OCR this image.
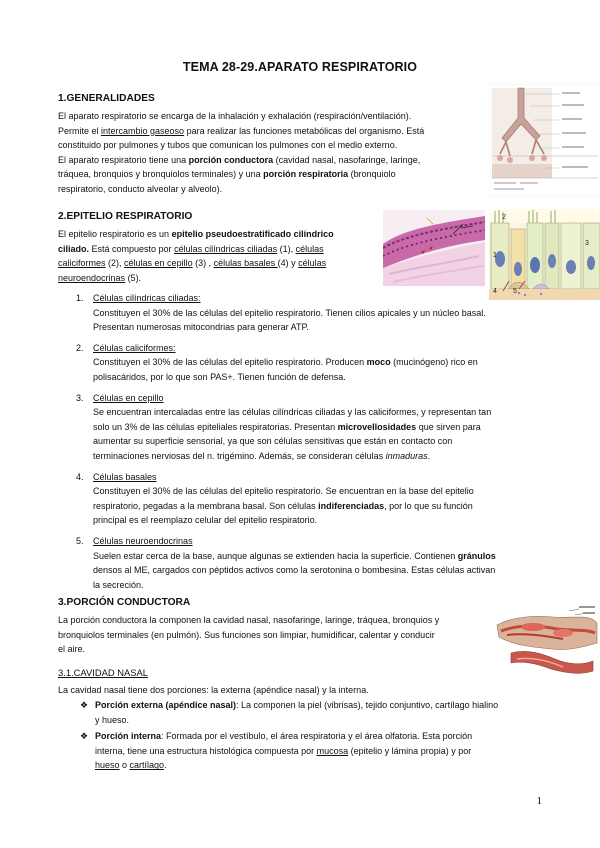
TEMA 28-29.APARATO RESPIRATORIO
1.GENERALIDADES
El aparato respiratorio se encarga de la inhalación y exhalación (respiración/ventilación).
Permite el intercambio gaseoso para realizar las funciones metabólicas del organismo. Está
constituido por pulmones y tubos que comunican los pulmones con el medio externo.
El aparato respiratorio tiene una porción conductora (cavidad nasal, nasofaringe, laringe,
tráquea, bronquios y bronquiolos terminales) y una porción respiratoria (bronquiolo
respiratorio, conducto alveolar y alveolo).
2.EPITELIO RESPIRATORIO
El epitelio respiratorio es un epitelio pseudoestratificado cilíndrico
ciliado. Está compuesto por células cilíndricas ciliadas (1), células
caliciformes (2), células en cepillo (3) , células basales (4) y células
neuroendocrinas (5).
2
1
3
4 5
1. Células cilíndricas ciliadas:
Constituyen el 30% de las células del epitelio respiratorio. Tienen cilios apicales y un núcleo basal.
Presentan numerosas mitocondrias para generar ATP.
2. Células caliciformes:
Constituyen el 30% de las células del epitelio respiratorio. Producen moco (mucinógeno) rico en
polisacáridos, por lo que son PAS+. Tienen función de defensa.
3. Células en cepillo
Se encuentran intercaladas entre las células cilíndricas ciliadas y las caliciformes, y representan tan
solo un 3% de las células epiteliales respiratorias. Presentan microvellosidades que sirven para
aumentar su superficie sensorial, ya que son células sensitivas que están en contacto con
terminaciones nerviosas del n. trigémino. Además, se consideran células inmaduras.
4. Células basales
Constituyen el 30% de las células del epitelio respiratorio. Se encuentran en la base del epitelio
respiratorio, pegadas a la membrana basal. Son células indiferenciadas, por lo que su función
principal es el reemplazo celular del epitelio respiratorio.
5. Células neuroendocrinas
Suelen estar cerca de la base, aunque algunas se extienden hacia la superficie. Contienen gránulos
densos al ME, cargados con péptidos activos como la serotonina o bombesina. Estas células activan
la secreción.
3.PORCIÓN CONDUCTORA
La porción conductora la componen la cavidad nasal, nasofaringe, laringe, tráquea, bronquios y
bronquiolos terminales (en pulmón). Sus funciones son limpiar, humidificar, calentar y conducir
el aire.
3.1.CAVIDAD NASAL
La cavidad nasal tiene dos porciones: la externa (apéndice nasal) y la interna.
❖ Porción externa (apéndice nasal): La componen la piel (vibrisas), tejido conjuntivo, cartílago hialino
y hueso.
❖ Porción interna: Formada por el vestíbulo, el área respiratoria y el área olfatoria. Esta porción
interna, tiene una estructura histológica compuesta por mucosa (epitelio y lámina propia) y por
hueso o cartílago.
1
